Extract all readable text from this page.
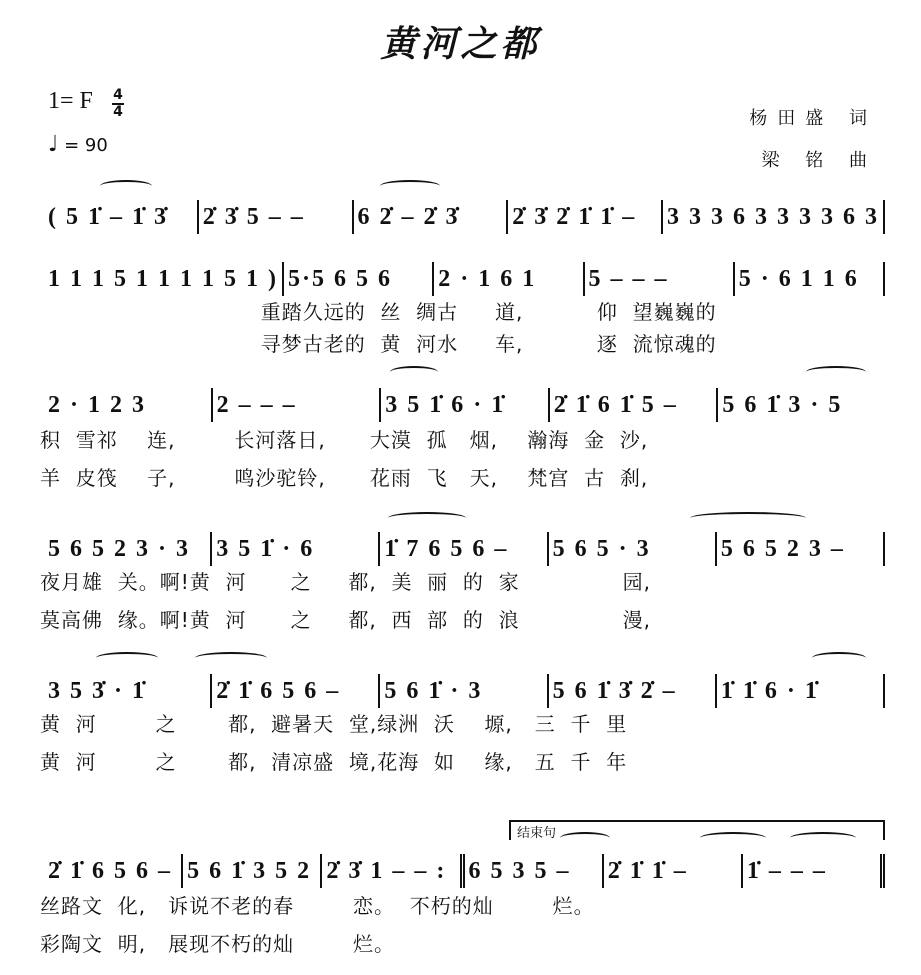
黄河之都
1= F 4
4
♩ = 90
杨田盛 词
梁 铭 曲
( 5 1̇ – 1̇ 3̇	2̇ 3̇ 5 – –	6 2̇ – 2̇ 3̇	2̇ 3̇ 2̇ 1̇ 1̇ –	3 3 3 6 3 3 3 3 6 3
1 1 1 5 1 1 1 1 5 1 ) 5·5 6 5 6	2 · 1 6 1	5 – – –	5 · 6 1 1 6
重踏久远的  丝  绸古     道,          仰  望巍巍的
寻梦古老的  黄  河水     车,          逐  流惊魂的
2 · 1 2 3	2 – – –	3 5 1̇ 6 · 1̇	2̇ 1̇ 6 1̇ 5 –	5 6 1̇ 3 · 5
积  雪祁    连,        长河落日,      大漠  孤   烟,    瀚海  金  沙,
羊  皮筏    子,        鸣沙驼铃,      花雨  飞   天,    梵宫  古  刹,
5 6 5 2 3 · 3	3 5 1̇ · 6	1̇ 7 6 5 6 –	5 6 5 · 3	5 6 5 2 3 –
夜月雄  关。啊!黄  河      之     都,  美  丽  的  家              园,
莫高佛  缘。啊!黄  河      之     都,  西  部  的  浪              漫,
3 5 3̇ · 1̇	2̇ 1̇ 6 5 6 –	5 6 1̇ · 3	5 6 1̇ 3̇ 2̇ –	1̇ 1̇ 6 · 1̇
黄  河        之       都,  避暑天  堂,绿洲  沃    塬,   三  千  里
黄  河        之       都,  清凉盛  境,花海  如    缘,   五  千  年
结束句
2̇ 1̇ 6 5 6 – 5 6 1̇ 3 5 2 2̇ 3̇ 1 – – : 6 5 3 5 –	2̇ 1̇ 1̇ –	1̇ – – –
丝路文  化,   诉说不老的春        恋。  不朽的灿        烂。
彩陶文  明,   展现不朽的灿        烂。
